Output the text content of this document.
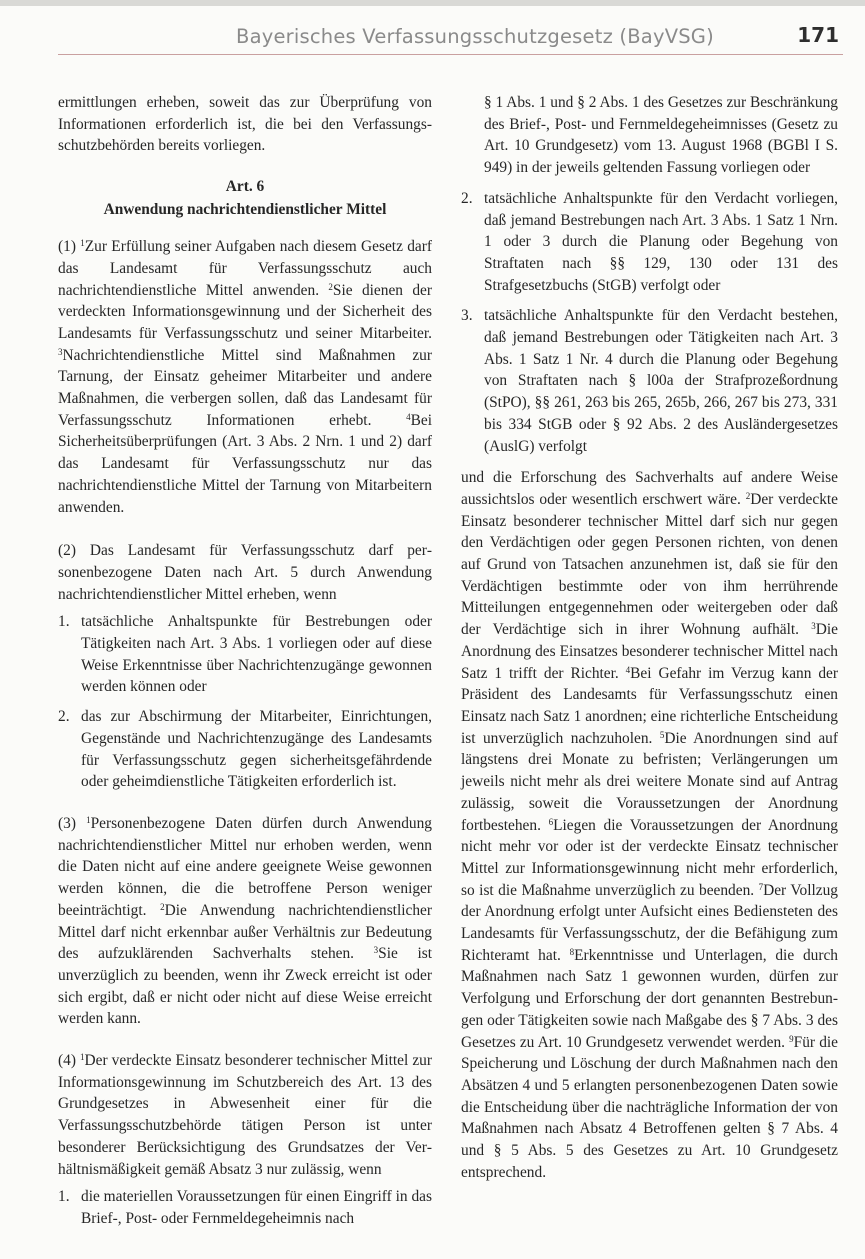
Bayerisches Verfassungsschutzgesetz (BayVSG)	171

ermittlungen erheben, soweit das zur Überprüfung von Informationen erforderlich ist, die bei den Verfassungsschutzbehörden bereits vorliegen.

Art. 6
Anwendung nachrichtendienstlicher Mittel

(1) $^1$Zur Erfüllung seiner Aufgaben nach diesem Gesetz darf das Landesamt für Verfassungsschutz auch nachrichtendienstliche Mittel anwenden. $^2$Sie dienen der verdeckten Informationsgewinnung und der Sicherheit des Landesamts für Verfassungsschutz und seiner Mitarbeiter. $^3$Nachrichtendienstliche Mittel sind Maßnahmen zur Tarnung, der Einsatz geheimer Mitarbeiter und andere Maßnahmen, die verbergen sollen, daß das Landesamt für Verfassungsschutz Informationen erhebt. $^4$Bei Sicherheitsüberprüfungen (Art. 3 Abs. 2 Nrn. 1 und 2) darf das Landesamt für Verfassungsschutz nur das nachrichtendienstliche Mittel der Tarnung von Mitarbeitern anwenden.

(2) Das Landesamt für Verfassungsschutz darf personenbezogene Daten nach Art. 5 durch Anwendung nachrichtendienstlicher Mittel erheben, wenn

1. tatsächliche Anhaltspunkte für Bestrebungen oder Tätigkeiten nach Art. 3 Abs. 1 vorliegen oder auf diese Weise Erkenntnisse über Nachrichtenzugänge gewonnen werden können oder
2. das zur Abschirmung der Mitarbeiter, Einrichtungen, Gegenstände und Nachrichtenzugänge des Landesamts für Verfassungsschutz gegen sicherheitsgefährdende oder geheimdienstliche Tätigkeiten erforderlich ist.

(3) $^1$Personenbezogene Daten dürfen durch Anwendung nachrichtendienstlicher Mittel nur erhoben werden, wenn die Daten nicht auf eine andere geeignete Weise gewonnen werden können, die die betroffene Person weniger beeinträchtigt. $^2$Die Anwendung nachrichtendienstlicher Mittel darf nicht erkennbar außer Verhältnis zur Bedeutung des aufzuklärenden Sachverhalts stehen. $^3$Sie ist unverzüglich zu beenden, wenn ihr Zweck erreicht ist oder sich ergibt, daß er nicht oder nicht auf diese Weise erreicht werden kann.

(4) $^1$Der verdeckte Einsatz besonderer technischer Mittel zur Informationsgewinnung im Schutzbereich des Art. 13 des Grundgesetzes in Abwesenheit einer für die Verfassungsschutzbehörde tätigen Person ist unter besonderer Berücksichtigung des Grundsatzes der Verhältnismäßigkeit gemäß Absatz 3 nur zulässig, wenn

1. die materiellen Voraussetzungen für einen Eingriff in das Brief-, Post- oder Fernmeldegeheimnis nach
§ 1 Abs. 1 und § 2 Abs. 1 des Gesetzes zur Beschränkung des Brief-, Post- und Fernmeldegeheimnisses (Gesetz zu Art. 10 Grundgesetz) vom 13. August 1968 (BGBl I S. 949) in der jeweils geltenden Fassung vorliegen oder
2. tatsächliche Anhaltspunkte für den Verdacht vorliegen, daß jemand Bestrebungen nach Art. 3 Abs. 1 Satz 1 Nrn. 1 oder 3 durch die Planung oder Begehung von Straftaten nach §§ 129, 130 oder 131 des Strafgesetzbuchs (StGB) verfolgt oder
3. tatsächliche Anhaltspunkte für den Verdacht bestehen, daß jemand Bestrebungen oder Tätigkeiten nach Art. 3 Abs. 1 Satz 1 Nr. 4 durch die Planung oder Begehung von Straftaten nach § l00a der Strafprozeßordnung (StPO), §§ 261, 263 bis 265, 265b, 266, 267 bis 273, 331 bis 334 StGB oder § 92 Abs. 2 des Ausländergesetzes (AuslG) verfolgt

und die Erforschung des Sachverhalts auf andere Weise aussichtslos oder wesentlich erschwert wäre. $^2$Der verdeckte Einsatz besonderer technischer Mittel darf sich nur gegen den Verdächtigen oder gegen Personen richten, von denen auf Grund von Tatsachen anzunehmen ist, daß sie für den Verdächtigen bestimmte oder von ihm herrührende Mitteilungen entgegennehmen oder weitergeben oder daß der Verdächtige sich in ihrer Wohnung aufhält. $^3$Die Anordnung des Einsatzes besonderer technischer Mittel nach Satz 1 trifft der Richter. $^4$Bei Gefahr im Verzug kann der Präsident des Landesamts für Verfassungsschutz einen Einsatz nach Satz 1 anordnen; eine richterliche Entscheidung ist unverzüglich nachzuholen. $^5$Die Anordnungen sind auf längstens drei Monate zu befristen; Verlängerungen um jeweils nicht mehr als drei weitere Monate sind auf Antrag zulässig, soweit die Voraussetzungen der Anordnung fortbestehen. $^6$Liegen die Voraussetzungen der Anordnung nicht mehr vor oder ist der verdeckte Einsatz technischer Mittel zur Informationsgewinnung nicht mehr erforderlich, so ist die Maßnahme unverzüglich zu beenden. $^7$Der Vollzug der Anordnung erfolgt unter Aufsicht eines Bediensteten des Landesamts für Verfassungsschutz, der die Befähigung zum Richteramt hat. $^8$Erkenntnisse und Unterlagen, die durch Maßnahmen nach Satz 1 gewonnen wurden, dürfen zur Verfolgung und Erforschung der dort genannten Bestrebungen oder Tätigkeiten sowie nach Maßgabe des § 7 Abs. 3 des Gesetzes zu Art. 10 Grundgesetz verwendet werden. $^9$Für die Speicherung und Löschung der durch Maßnahmen nach den Absätzen 4 und 5 erlangten personenbezogenen Daten sowie die Entscheidung über die nachträgliche Information der von Maßnahmen nach Absatz 4 Betroffenen gelten § 7 Abs. 4 und § 5 Abs. 5 des Gesetzes zu Art. 10 Grundgesetz entsprechend.
